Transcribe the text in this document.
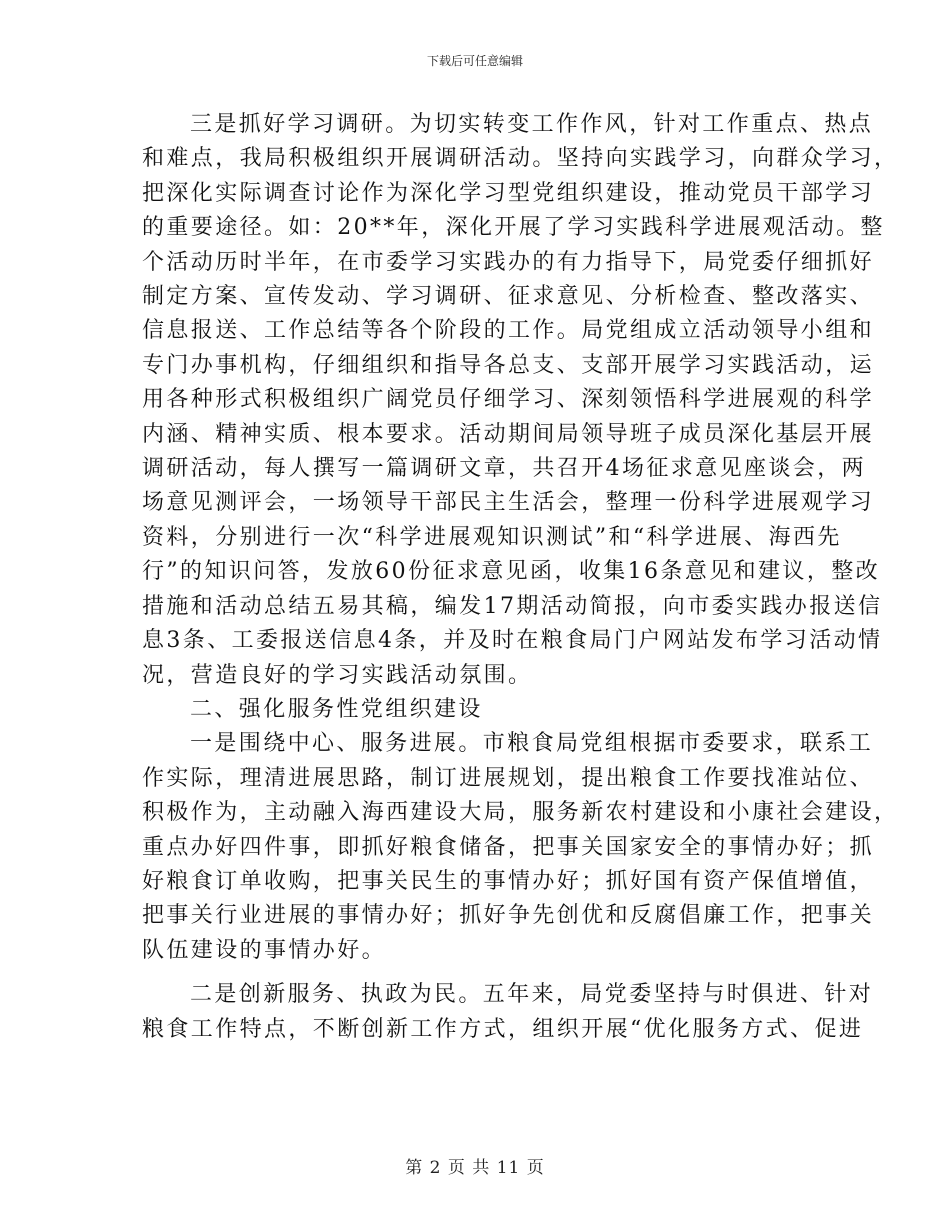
下载后可任意编辑
三是抓好学习调研。为切实转变工作作风，针对工作重点、热点
和难点，我局积极组织开展调研活动。坚持向实践学习，向群众学习，
把深化实际调查讨论作为深化学习型党组织建设，推动党员干部学习
的重要途径。如：20**年，深化开展了学习实践科学进展观活动。整
个活动历时半年，在市委学习实践办的有力指导下，局党委仔细抓好
制定方案、宣传发动、学习调研、征求意见、分析检查、整改落实、
信息报送、工作总结等各个阶段的工作。局党组成立活动领导小组和
专门办事机构，仔细组织和指导各总支、支部开展学习实践活动，运
用各种形式积极组织广阔党员仔细学习、深刻领悟科学进展观的科学
内涵、精神实质、根本要求。活动期间局领导班子成员深化基层开展
调研活动，每人撰写一篇调研文章，共召开4场征求意见座谈会，两
场意见测评会，一场领导干部民主生活会，整理一份科学进展观学习
资料，分别进行一次“科学进展观知识测试”和“科学进展、海西先
行”的知识问答，发放60份征求意见函，收集16条意见和建议，整改
措施和活动总结五易其稿，编发17期活动简报，向市委实践办报送信
息3条、工委报送信息4条，并及时在粮食局门户网站发布学习活动情
况，营造良好的学习实践活动氛围。
二、强化服务性党组织建设
一是围绕中心、服务进展。市粮食局党组根据市委要求，联系工
作实际，理清进展思路，制订进展规划，提出粮食工作要找准站位、
积极作为，主动融入海西建设大局，服务新农村建设和小康社会建设，
重点办好四件事，即抓好粮食储备，把事关国家安全的事情办好；抓
好粮食订单收购，把事关民生的事情办好；抓好国有资产保值增值，
把事关行业进展的事情办好；抓好争先创优和反腐倡廉工作，把事关
队伍建设的事情办好。
二是创新服务、执政为民。五年来，局党委坚持与时俱进、针对
粮食工作特点，不断创新工作方式，组织开展“优化服务方式、促进
第 2 页 共 11 页
